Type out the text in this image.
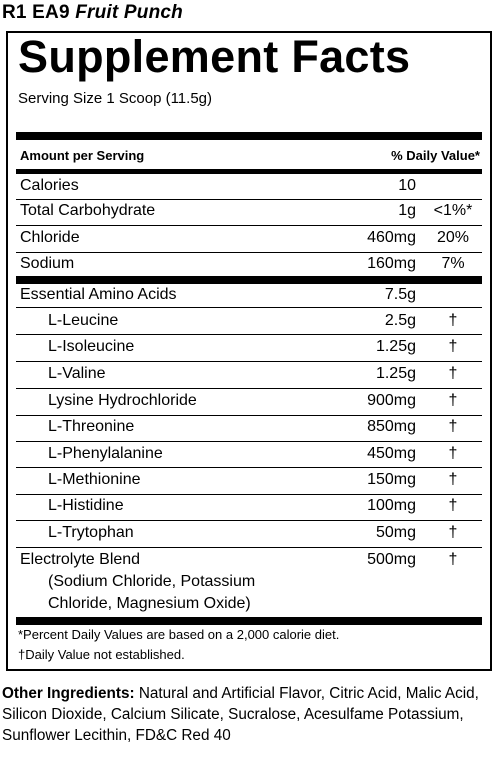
R1 EA9 Fruit Punch
Supplement Facts
Serving Size 1 Scoop (11.5g)
Amount per Serving	% Daily Value*
Calories	10
Total Carbohydrate	1g	<1%*
Chloride	460mg	20%
Sodium	160mg	7%
Essential Amino Acids	7.5g
L-Leucine	2.5g	†
L-Isoleucine	1.25g	†
L-Valine	1.25g	†
Lysine Hydrochloride	900mg	†
L-Threonine	850mg	†
L-Phenylalanine	450mg	†
L-Methionine	150mg	†
L-Histidine	100mg	†
L-Trytophan	50mg	†
Electrolyte Blend	500mg	†
(Sodium Chloride, Potassium
Chloride, Magnesium Oxide)
*Percent Daily Values are based on a 2,000 calorie diet.
†Daily Value not established.
Other Ingredients: Natural and Artificial Flavor, Citric Acid, Malic Acid, Silicon Dioxide, Calcium Silicate, Sucralose, Acesulfame Potassium, Sunflower Lecithin, FD&C Red 40
